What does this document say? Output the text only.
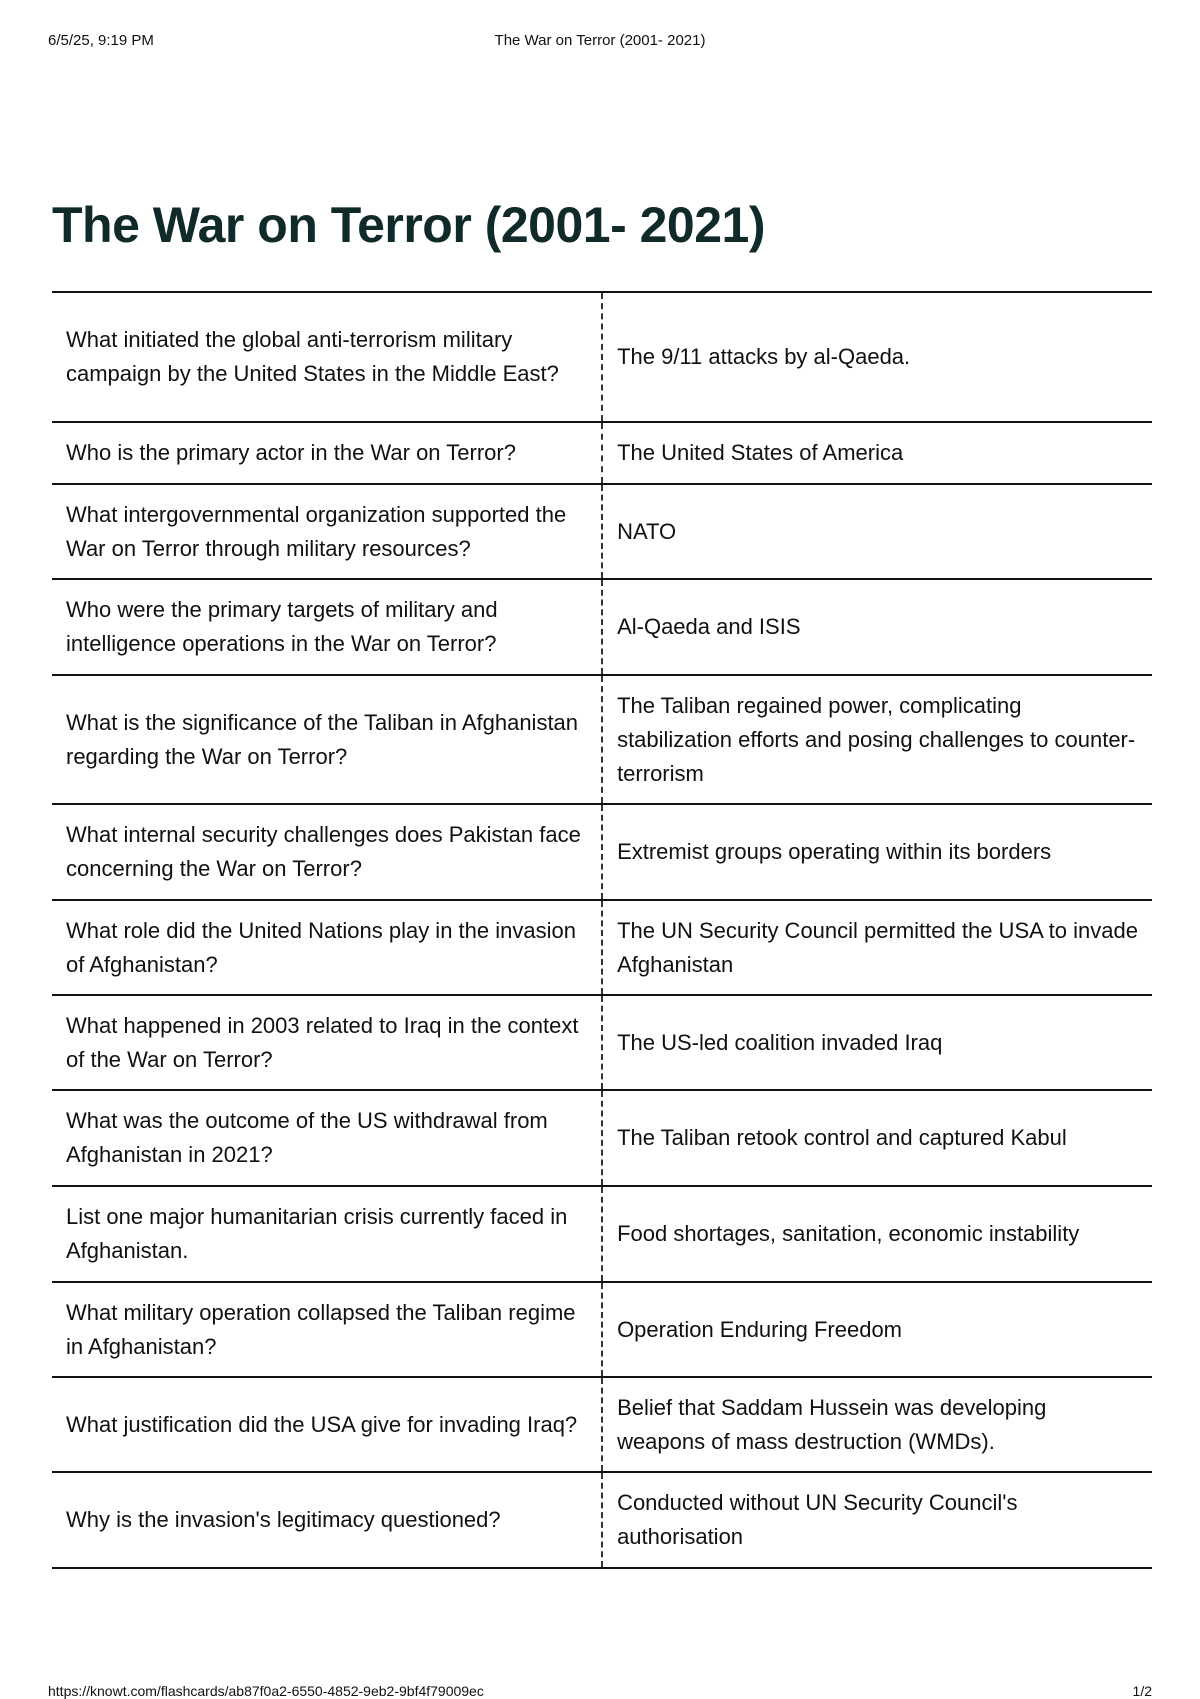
6/5/25, 9:19 PM	The War on Terror (2001- 2021)
The War on Terror (2001- 2021)
What initiated the global anti-terrorism military campaign by the United States in the Middle East?	The 9/11 attacks by al-Qaeda.
Who is the primary actor in the War on Terror?	The United States of America
What intergovernmental organization supported the War on Terror through military resources?	NATO
Who were the primary targets of military and intelligence operations in the War on Terror?	Al-Qaeda and ISIS
What is the significance of the Taliban in Afghanistan regarding the War on Terror?	The Taliban regained power, complicating stabilization efforts and posing challenges to counter-terrorism
What internal security challenges does Pakistan face concerning the War on Terror?	Extremist groups operating within its borders
What role did the United Nations play in the invasion of Afghanistan?	The UN Security Council permitted the USA to invade Afghanistan
What happened in 2003 related to Iraq in the context of the War on Terror?	The US-led coalition invaded Iraq
What was the outcome of the US withdrawal from Afghanistan in 2021?	The Taliban retook control and captured Kabul
List one major humanitarian crisis currently faced in Afghanistan.	Food shortages, sanitation, economic instability
What military operation collapsed the Taliban regime in Afghanistan?	Operation Enduring Freedom
What justification did the USA give for invading Iraq?	Belief that Saddam Hussein was developing weapons of mass destruction (WMDs).
Why is the invasion's legitimacy questioned?	Conducted without UN Security Council's authorisation
https://knowt.com/flashcards/ab87f0a2-6550-4852-9eb2-9bf4f79009ec	1/2
